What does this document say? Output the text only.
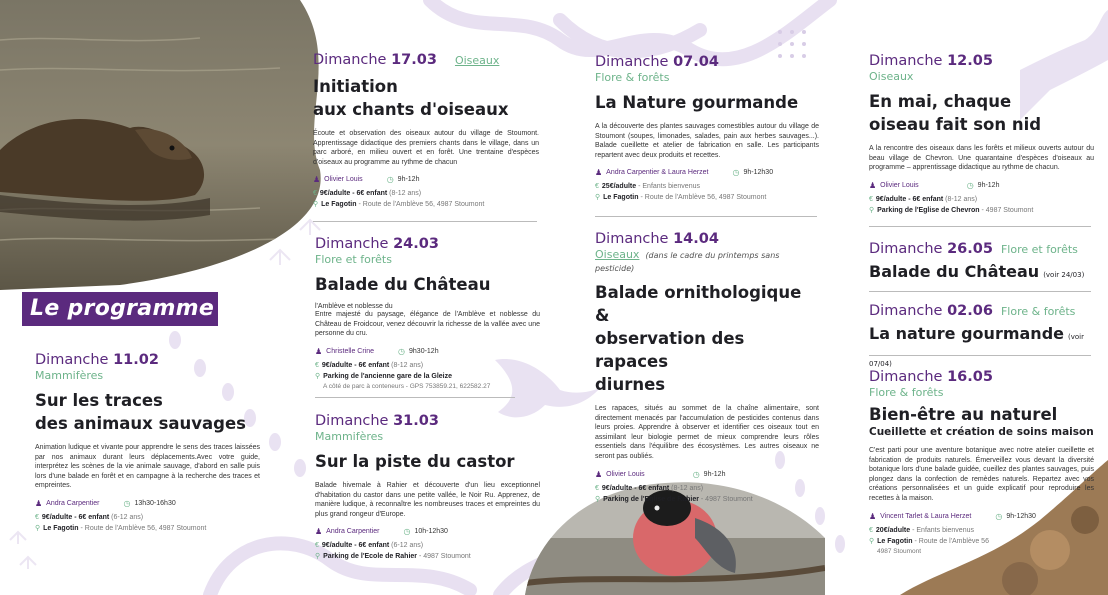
Le programme
Dimanche 11.02
Mammifères
Sur les traces
des animaux sauvages
Animation ludique et vivante pour apprendre le sens des traces laissées par nos animaux durant leurs déplacements.Avec votre guide, interprétez les scènes de la vie animale sauvage, d'abord en salle puis lors d'une balade en forêt et en campagne à la recherche des traces et empreintes.
♟ Andra Carpentier	◷ 13h30-16h30
€ 9€/adulte - 6€ enfant (6-12 ans)
⚲ Le Fagotin - Route de l'Amblève 56, 4987 Stoumont
Dimanche 17.03 Oiseaux
Initiation
aux chants d'oiseaux
Écoute et observation des oiseaux autour du village de Stoumont. Apprentissage didactique des premiers chants dans le village, dans un parc arboré, en milieu ouvert et en forêt. Une trentaine d'espèces d'oiseaux au programme au rythme de chacun
♟ Olivier Louis	◷ 9h-12h
€ 9€/adulte - 6€ enfant (8-12 ans)
⚲ Le Fagotin - Route de l'Amblève 56, 4987 Stoumont
Dimanche 24.03
Flore et forêts
Balade du Château
l'Amblève et noblesse du
Entre majesté du paysage, élégance de l'Amblève et noblesse du Château de Froidcour, venez découvrir la richesse de la vallée avec une personne du cru.
♟ Christelle Crine	◷ 9h30-12h
€ 9€/adulte - 6€ enfant (8-12 ans)
⚲ Parking de l'ancienne gare de la Gleize
A côté de parc à conteneurs - GPS 753859.21, 622582.27
Dimanche 31.03
Mammifères
Sur la piste du castor
Balade hivernale à Rahier et découverte d'un lieu exceptionnel d'habitation du castor dans une petite vallée, le Noir Ru. Apprenez, de manière ludique, à reconnaître les nombreuses traces et empreintes du plus grand rongeur d'Europe.
♟ Andra Carpentier	◷ 10h-12h30
€ 9€/adulte - 6€ enfant (6-12 ans)
⚲ Parking de l'Ecole de Rahier - 4987 Stoumont
Dimanche 07.04
Flore & forêts
La Nature gourmande
A la découverte des plantes sauvages comestibles autour du village de Stoumont (soupes, limonades, salades, pain aux herbes sauvages...). Balade cueillette et atelier de fabrication en salle. Les participants repartent avec deux produits et recettes.
♟ Andra Carpentier & Laura Herzet	◷ 9h-12h30
€ 25€/adulte - Enfants bienvenus
⚲ Le Fagotin - Route de l'Amblève 56, 4987 Stoumont
Dimanche 14.04
Oiseaux (dans le cadre du printemps sans pesticide)
Balade ornithologique &
observation des rapaces
diurnes
Les rapaces, situés au sommet de la chaîne alimentaire, sont directement menacés par l'accumulation de pesticides contenus dans leurs proies. Apprendre à observer et identifier ces oiseaux tout en assimilant leur biologie permet de mieux comprendre leurs rôles essentiels dans l'équilibre des écosystèmes. Les autres oiseaux ne seront pas oubliés.
♟ Olivier Louis	◷ 9h-12h
€ 9€/adulte - 6€ enfant (8-12 ans)
⚲ Parking de l'Eglise de Rahier - 4987 Stoumont
Dimanche 12.05
Oiseaux
En mai, chaque
oiseau fait son nid
A la rencontre des oiseaux dans les forêts et milieux ouverts autour du beau village de Chevron. Une quarantaine d'espèces d'oiseaux au programme – apprentissage didactique au rythme de chacun.
♟ Olivier Louis	◷ 9h-12h
€ 9€/adulte - 6€ enfant (8-12 ans)
⚲ Parking de l'Eglise de Chevron - 4987 Stoumont
Dimanche 26.05 Flore et forêts
Balade du Château (voir 24/03)
Dimanche 02.06 Flore & forêts
La nature gourmande (voir 07/04)
Dimanche 16.05
Flore & forêts
Bien-être au naturel
Cueillette et création de soins maison
C'est parti pour une aventure botanique avec notre atelier cueillette et fabrication de produits naturels. Émerveillez vous devant la diversité botanique lors d'une balade guidée, cueillez des plantes sauvages, puis plongez dans la confection de remèdes naturels. Repartez avec vos créations personnalisées et un guide explicatif pour reproduire les recettes à la maison.
♟ Vincent Tarlet & Laura Herzet	◷ 9h-12h30
€ 20€/adulte - Enfants bienvenus
⚲ Le Fagotin - Route de l'Amblève 56
4987 Stoumont
